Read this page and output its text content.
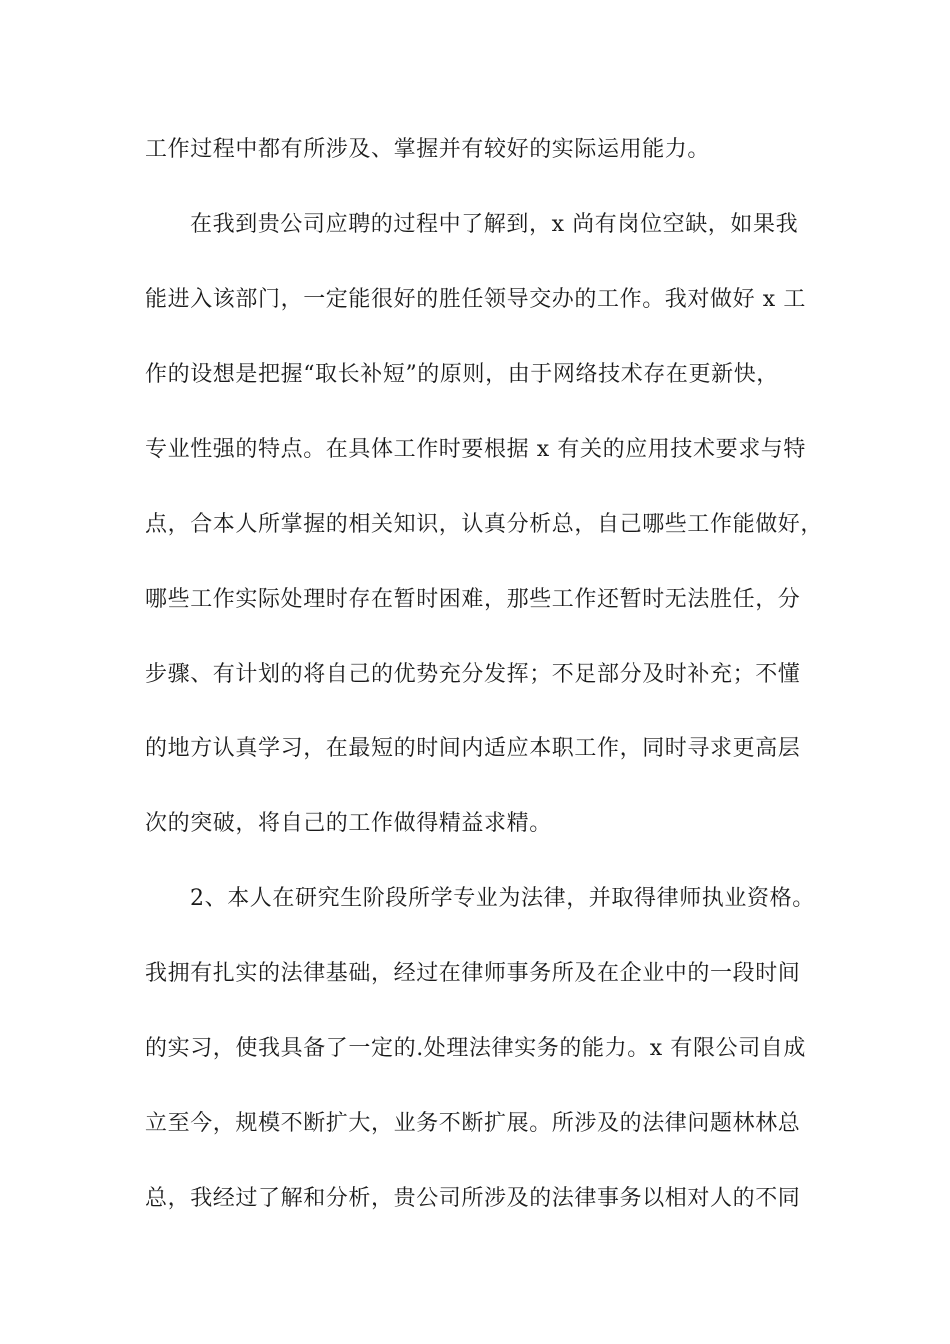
工作过程中都有所涉及、掌握并有较好的实际运用能力。
在我到贵公司应聘的过程中了解到，x 尚有岗位空缺，如果我
能进入该部门，一定能很好的胜任领导交办的工作。我对做好 x 工
作的设想是把握“取长补短”的原则，由于网络技术存在更新快，
专业性强的特点。在具体工作时要根据 x 有关的应用技术要求与特
点，合本人所掌握的相关知识，认真分析总，自己哪些工作能做好，
哪些工作实际处理时存在暂时困难，那些工作还暂时无法胜任，分
步骤、有计划的将自己的优势充分发挥；不足部分及时补充；不懂
的地方认真学习，在最短的时间内适应本职工作，同时寻求更高层
次的突破，将自己的工作做得精益求精。
2、本人在研究生阶段所学专业为法律，并取得律师执业资格。
我拥有扎实的法律基础，经过在律师事务所及在企业中的一段时间
的实习，使我具备了一定的.处理法律实务的能力。x 有限公司自成
立至今，规模不断扩大，业务不断扩展。所涉及的法律问题林林总
总，我经过了解和分析，贵公司所涉及的法律事务以相对人的不同
